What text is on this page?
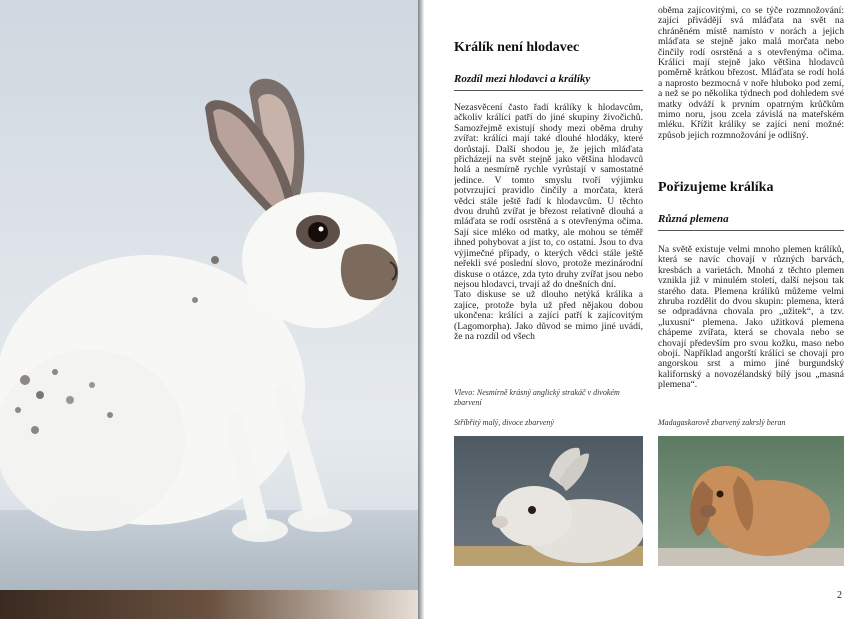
Králík není hlodavec
Rozdíl mezi hlodavci a králíky

Nezasvěcení často řadí králíky k hlodavcům, ačkoliv králíci patří do jiné skupiny živočichů. Samozřejmě existují shody mezi oběma druhy zvířat: králíci mají také dlouhé hlodáky, které dorůstají. Další shodou je, že jejich mláďata přicházejí na svět stejně jako většina hlodavců holá a nesmírně rychle vyrůstají v samostatné jedince. V tomto smyslu tvoří výjimku potvrzující pravidlo činčily a morčata, která vědci stále ještě řadí k hlodavcům. U těchto dvou druhů zvířat je březost relativně dlouhá a mláďata se rodí osrstěná a s otevřenýma očima. Sají sice mléko od matky, ale mohou se téměř ihned pohybovat a jíst to, co ostatní. Jsou to dva výjimečné případy, o kterých vědci stále ještě neřekli své poslední slovo, protože mezinárodní diskuse o otázce, zda tyto druhy zvířat jsou nebo nejsou hlodavci, trvají až do dnešních dní.
Tato diskuse se už dlouho netýká králíka a zajíce, protože byla už před nějakou dobou ukončena: králíci a zajíci patří k zajícovitým (Lagomorpha). Jako důvod se mimo jiné uvádí, že na rozdíl od všech

Vlevo: Nesmírně krásný anglický strakáč v divokém zbarvení
Stříbřitý malý, divoce zbarvený

oběma zajícovitými, co se týče rozmnožování: zajíci přivádějí svá mláďata na svět na chráněném místě namísto v norách a jejich mláďata se stejně jako malá morčata nebo činčily rodí osrstěná a s otevřenýma očima. Králíci mají stejně jako většina hlodavců poměrně krátkou březost. Mláďata se rodí holá a naprosto bezmocná v noře hluboko pod zemí, a než se po několika týdnech pod dohledem své matky odváží k prvním opatrným krůčkům mimo noru, jsou zcela závislá na mateřském mléku. Křížit králíky se zajíci není možné: způsob jejich rozmnožování je odlišný.

Pořizujeme králíka
Různá plemena

Na světě existuje velmi mnoho plemen králíků, která se navíc chovají v různých barvách, kresbách a varietách. Mnohá z těchto plemen vznikla již v minulém století, další nejsou tak starého data. Plemena králíků můžeme velmi zhruba rozdělit do dvou skupin: plemena, která se odpradávna chovala pro „užitek“, a tzv. „luxusní“ plemena. Jako užitková plemena chápeme zvířata, která se chovala nebo se chovají především pro svou kožku, maso nebo obojí. Například angorští králíci se chovají pro angorskou srst a mimo jiné burgundský kalifornský a novozélandský bílý jsou „masná plemena“.

Madagaskarově zbarvený zakrslý beran
2
